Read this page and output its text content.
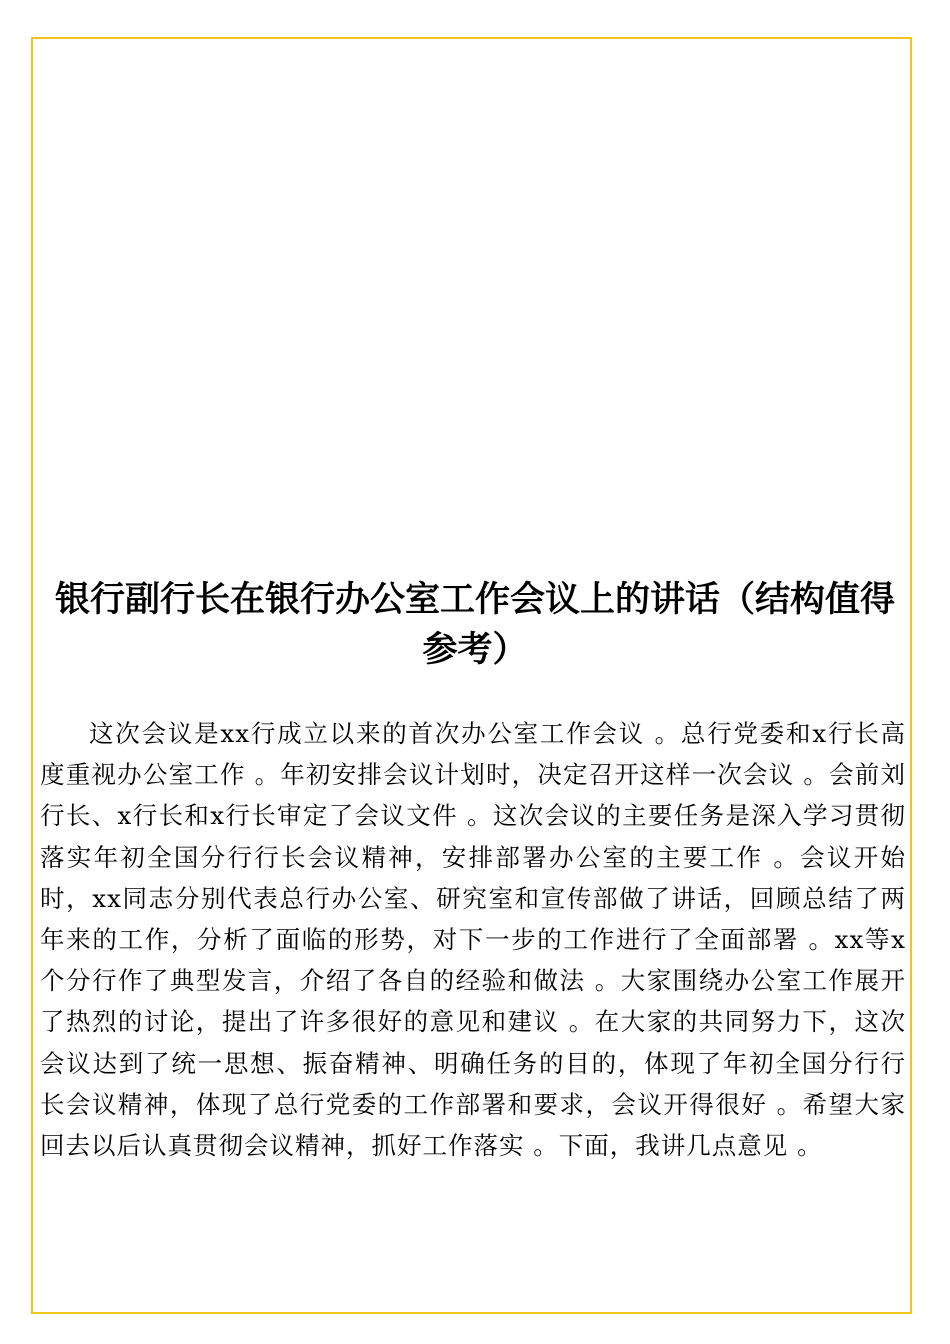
银行副行长在银行办公室工作会议上的讲话（结构值得参考）

这次会议是xx行成立以来的首次办公室工作会议 。总行党委和x行长高度重视办公室工作 。年初安排会议计划时，决定召开这样一次会议 。会前刘行长、x行长和x行长审定了会议文件 。这次会议的主要任务是深入学习贯彻落实年初全国分行行长会议精神，安排部署办公室的主要工作 。会议开始时，xx同志分别代表总行办公室、研究室和宣传部做了讲话，回顾总结了两年来的工作，分析了面临的形势，对下一步的工作进行了全面部署 。xx等x个分行作了典型发言，介绍了各自的经验和做法 。大家围绕办公室工作展开了热烈的讨论，提出了许多很好的意见和建议 。在大家的共同努力下，这次会议达到了统一思想、振奋精神、明确任务的目的，体现了年初全国分行行长会议精神，体现了总行党委的工作部署和要求，会议开得很好 。希望大家回去以后认真贯彻会议精神，抓好工作落实 。下面，我讲几点意见 。
